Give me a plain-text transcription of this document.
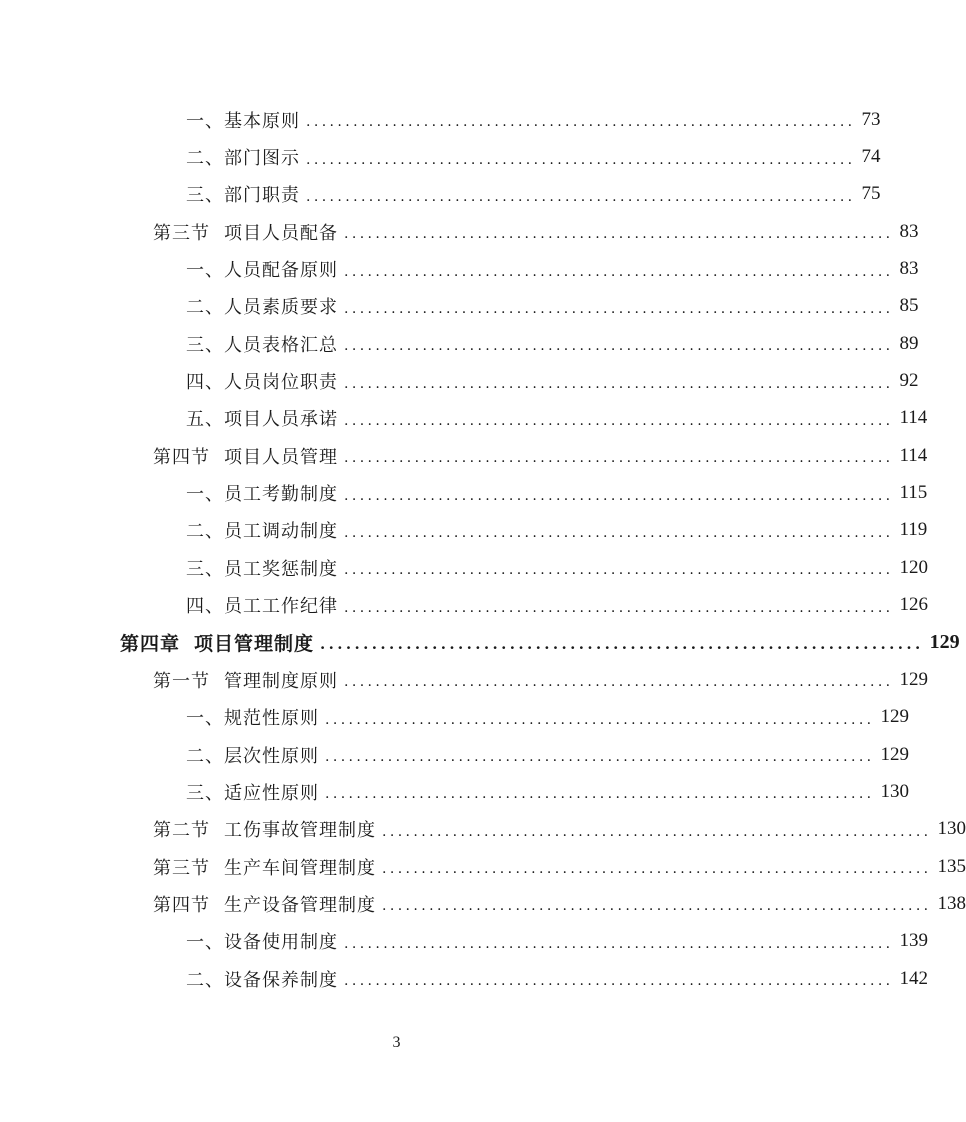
一、 基本原则 ...................................................................... 73
二、 部门图示 ...................................................................... 74
三、 部门职责 ...................................................................... 75
第三节 项目人员配备 ...................................................................... 83
一、 人员配备原则 ...................................................................... 83
二、 人员素质要求 ...................................................................... 85
三、 人员表格汇总 ...................................................................... 89
四、 人员岗位职责 ...................................................................... 92
五、 项目人员承诺 ...................................................................... 114
第四节 项目人员管理 ...................................................................... 114
一、 员工考勤制度 ...................................................................... 115
二、 员工调动制度 ...................................................................... 119
三、 员工奖惩制度 ...................................................................... 120
四、 员工工作纪律 ...................................................................... 126
第四章 项目管理制度 ...................................................................... 129
第一节 管理制度原则 ...................................................................... 129
一、 规范性原则 ...................................................................... 129
二、 层次性原则 ...................................................................... 129
三、 适应性原则 ...................................................................... 130
第二节 工伤事故管理制度 ...................................................................... 130
第三节 生产车间管理制度 ...................................................................... 135
第四节 生产设备管理制度 ...................................................................... 138
一、 设备使用制度 ...................................................................... 139
二、 设备保养制度 ...................................................................... 142
3
